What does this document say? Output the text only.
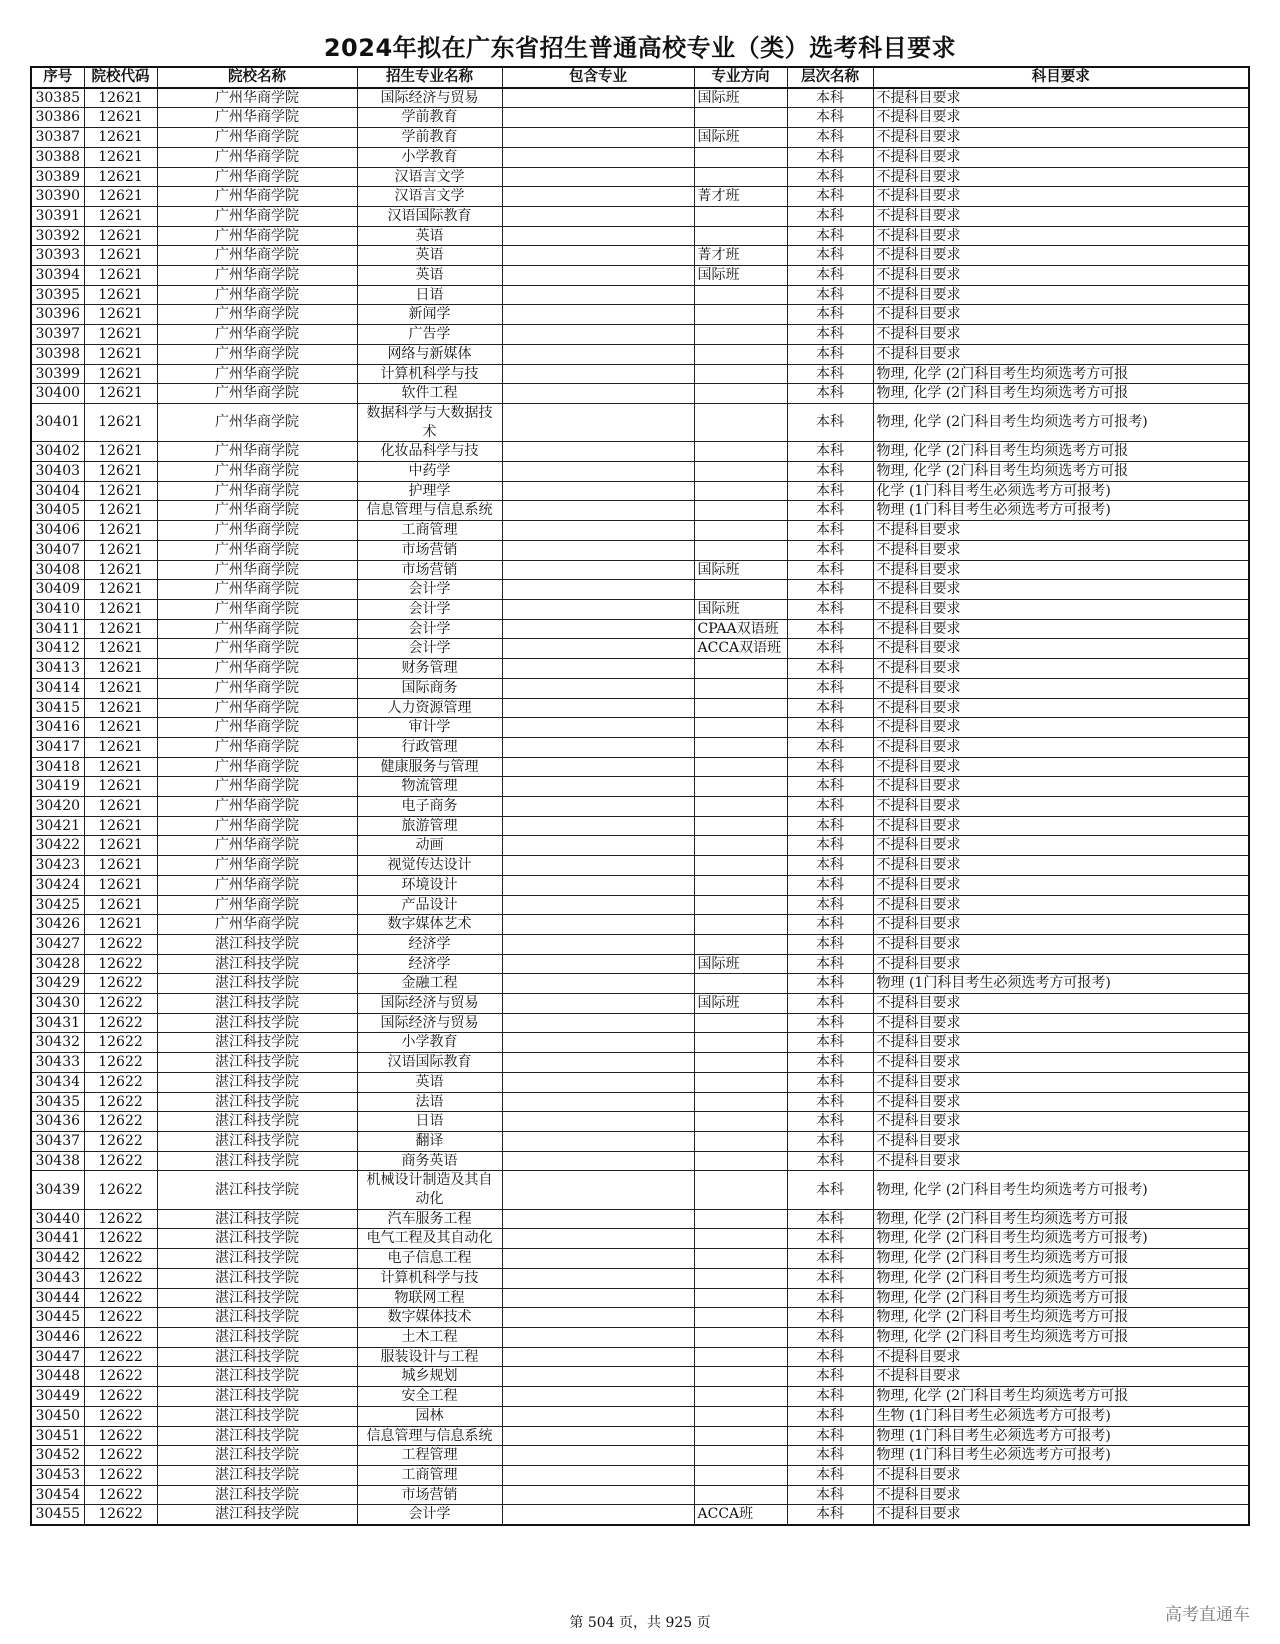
2024年拟在广东省招生普通高校专业（类）选考科目要求
序号	院校代码	院校名称	招生专业名称	包含专业	专业方向	层次名称	科目要求
30385	12621	广州华商学院	国际经济与贸易		国际班	本科	不提科目要求
30386	12621	广州华商学院	学前教育			本科	不提科目要求
30387	12621	广州华商学院	学前教育		国际班	本科	不提科目要求
30388	12621	广州华商学院	小学教育			本科	不提科目要求
30389	12621	广州华商学院	汉语言文学			本科	不提科目要求
30390	12621	广州华商学院	汉语言文学		菁才班	本科	不提科目要求
30391	12621	广州华商学院	汉语国际教育			本科	不提科目要求
30392	12621	广州华商学院	英语			本科	不提科目要求
30393	12621	广州华商学院	英语		菁才班	本科	不提科目要求
30394	12621	广州华商学院	英语		国际班	本科	不提科目要求
30395	12621	广州华商学院	日语			本科	不提科目要求
30396	12621	广州华商学院	新闻学			本科	不提科目要求
30397	12621	广州华商学院	广告学			本科	不提科目要求
30398	12621	广州华商学院	网络与新媒体			本科	不提科目要求
30399	12621	广州华商学院	计算机科学与技			本科	物理, 化学 (2门科目考生均须选考方可报
30400	12621	广州华商学院	软件工程			本科	物理, 化学 (2门科目考生均须选考方可报
30401	12621	广州华商学院	数据科学与大数据技术			本科	物理, 化学 (2门科目考生均须选考方可报考)
30402	12621	广州华商学院	化妆品科学与技			本科	物理, 化学 (2门科目考生均须选考方可报
30403	12621	广州华商学院	中药学			本科	物理, 化学 (2门科目考生均须选考方可报
30404	12621	广州华商学院	护理学			本科	化学 (1门科目考生必须选考方可报考)
30405	12621	广州华商学院	信息管理与信息系统			本科	物理 (1门科目考生必须选考方可报考)
30406	12621	广州华商学院	工商管理			本科	不提科目要求
30407	12621	广州华商学院	市场营销			本科	不提科目要求
30408	12621	广州华商学院	市场营销		国际班	本科	不提科目要求
30409	12621	广州华商学院	会计学			本科	不提科目要求
30410	12621	广州华商学院	会计学		国际班	本科	不提科目要求
30411	12621	广州华商学院	会计学		CPAA双语班	本科	不提科目要求
30412	12621	广州华商学院	会计学		ACCA双语班	本科	不提科目要求
30413	12621	广州华商学院	财务管理			本科	不提科目要求
30414	12621	广州华商学院	国际商务			本科	不提科目要求
30415	12621	广州华商学院	人力资源管理			本科	不提科目要求
30416	12621	广州华商学院	审计学			本科	不提科目要求
30417	12621	广州华商学院	行政管理			本科	不提科目要求
30418	12621	广州华商学院	健康服务与管理			本科	不提科目要求
30419	12621	广州华商学院	物流管理			本科	不提科目要求
30420	12621	广州华商学院	电子商务			本科	不提科目要求
30421	12621	广州华商学院	旅游管理			本科	不提科目要求
30422	12621	广州华商学院	动画			本科	不提科目要求
30423	12621	广州华商学院	视觉传达设计			本科	不提科目要求
30424	12621	广州华商学院	环境设计			本科	不提科目要求
30425	12621	广州华商学院	产品设计			本科	不提科目要求
30426	12621	广州华商学院	数字媒体艺术			本科	不提科目要求
30427	12622	湛江科技学院	经济学			本科	不提科目要求
30428	12622	湛江科技学院	经济学		国际班	本科	不提科目要求
30429	12622	湛江科技学院	金融工程			本科	物理 (1门科目考生必须选考方可报考)
30430	12622	湛江科技学院	国际经济与贸易		国际班	本科	不提科目要求
30431	12622	湛江科技学院	国际经济与贸易			本科	不提科目要求
30432	12622	湛江科技学院	小学教育			本科	不提科目要求
30433	12622	湛江科技学院	汉语国际教育			本科	不提科目要求
30434	12622	湛江科技学院	英语			本科	不提科目要求
30435	12622	湛江科技学院	法语			本科	不提科目要求
30436	12622	湛江科技学院	日语			本科	不提科目要求
30437	12622	湛江科技学院	翻译			本科	不提科目要求
30438	12622	湛江科技学院	商务英语			本科	不提科目要求
30439	12622	湛江科技学院	机械设计制造及其自动化			本科	物理, 化学 (2门科目考生均须选考方可报考)
30440	12622	湛江科技学院	汽车服务工程			本科	物理, 化学 (2门科目考生均须选考方可报
30441	12622	湛江科技学院	电气工程及其自动化			本科	物理, 化学 (2门科目考生均须选考方可报考)
30442	12622	湛江科技学院	电子信息工程			本科	物理, 化学 (2门科目考生均须选考方可报
30443	12622	湛江科技学院	计算机科学与技			本科	物理, 化学 (2门科目考生均须选考方可报
30444	12622	湛江科技学院	物联网工程			本科	物理, 化学 (2门科目考生均须选考方可报
30445	12622	湛江科技学院	数字媒体技术			本科	物理, 化学 (2门科目考生均须选考方可报
30446	12622	湛江科技学院	土木工程			本科	物理, 化学 (2门科目考生均须选考方可报
30447	12622	湛江科技学院	服装设计与工程			本科	不提科目要求
30448	12622	湛江科技学院	城乡规划			本科	不提科目要求
30449	12622	湛江科技学院	安全工程			本科	物理, 化学 (2门科目考生均须选考方可报
30450	12622	湛江科技学院	园林			本科	生物 (1门科目考生必须选考方可报考)
30451	12622	湛江科技学院	信息管理与信息系统			本科	物理 (1门科目考生必须选考方可报考)
30452	12622	湛江科技学院	工程管理			本科	物理 (1门科目考生必须选考方可报考)
30453	12622	湛江科技学院	工商管理			本科	不提科目要求
30454	12622	湛江科技学院	市场营销			本科	不提科目要求
30455	12622	湛江科技学院	会计学		ACCA班	本科	不提科目要求
第 504 页，共 925 页	高考直通车
